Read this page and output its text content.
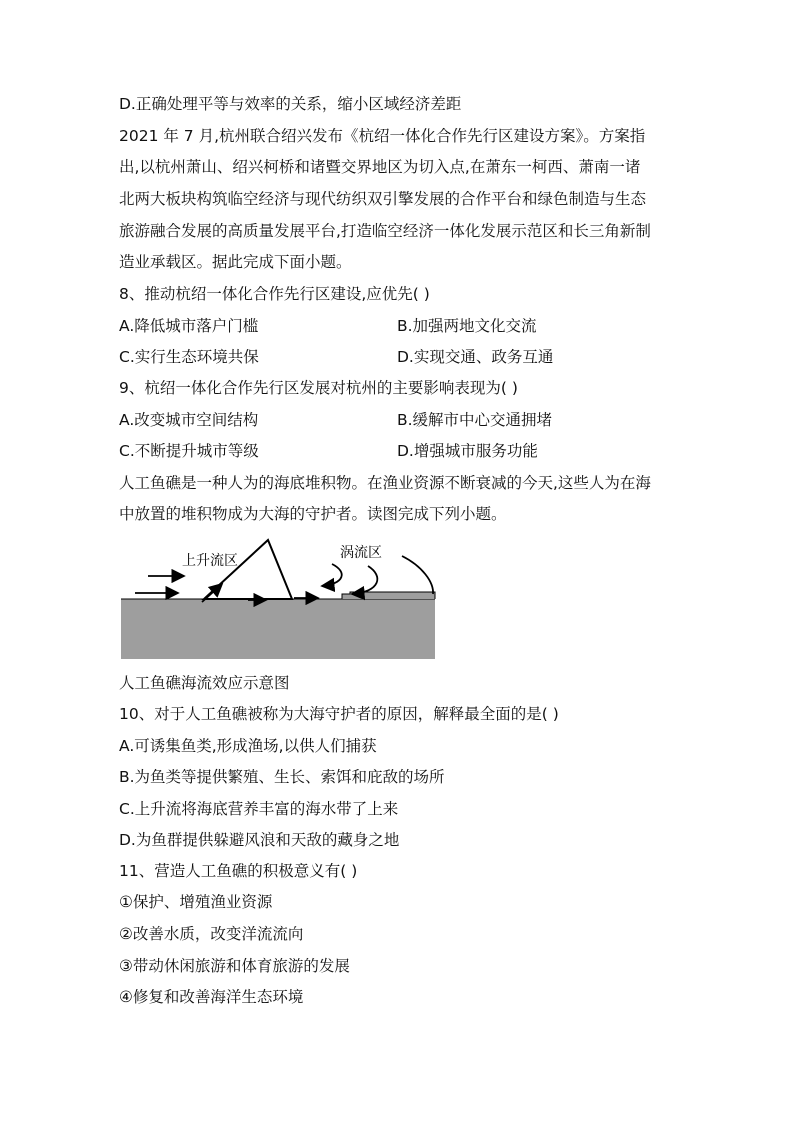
D.正确处理平等与效率的关系，缩小区域经济差距
2021 年 7 月,杭州联合绍兴发布《杭绍一体化合作先行区建设方案》。方案指
出,以杭州萧山、绍兴柯桥和诸暨交界地区为切入点,在萧东一柯西、萧南一诸
北两大板块构筑临空经济与现代纺织双引擎发展的合作平台和绿色制造与生态
旅游融合发展的高质量发展平台,打造临空经济一体化发展示范区和长三角新制
造业承载区。据此完成下面小题。
8、推动杭绍一体化合作先行区建设,应优先( )
A.降低城市落户门槛	B.加强两地文化交流
C.实行生态环境共保	D.实现交通、政务互通
9、杭绍一体化合作先行区发展对杭州的主要影响表现为( )
A.改变城市空间结构	B.缓解市中心交通拥堵
C.不断提升城市等级	D.增强城市服务功能
人工鱼礁是一种人为的海底堆积物。在渔业资源不断衰减的今天,这些人为在海
中放置的堆积物成为大海的守护者。读图完成下列小题。
上升流区	涡流区
人工鱼礁海流效应示意图
10、对于人工鱼礁被称为大海守护者的原因，解释最全面的是( )
A.可诱集鱼类,形成渔场,以供人们捕获
B.为鱼类等提供繁殖、生长、索饵和庇敌的场所
C.上升流将海底营养丰富的海水带了上来
D.为鱼群提供躲避风浪和天敌的藏身之地
11、营造人工鱼礁的积极意义有( )
①保护、增殖渔业资源
②改善水质，改变洋流流向
③带动休闲旅游和体育旅游的发展
④修复和改善海洋生态环境
